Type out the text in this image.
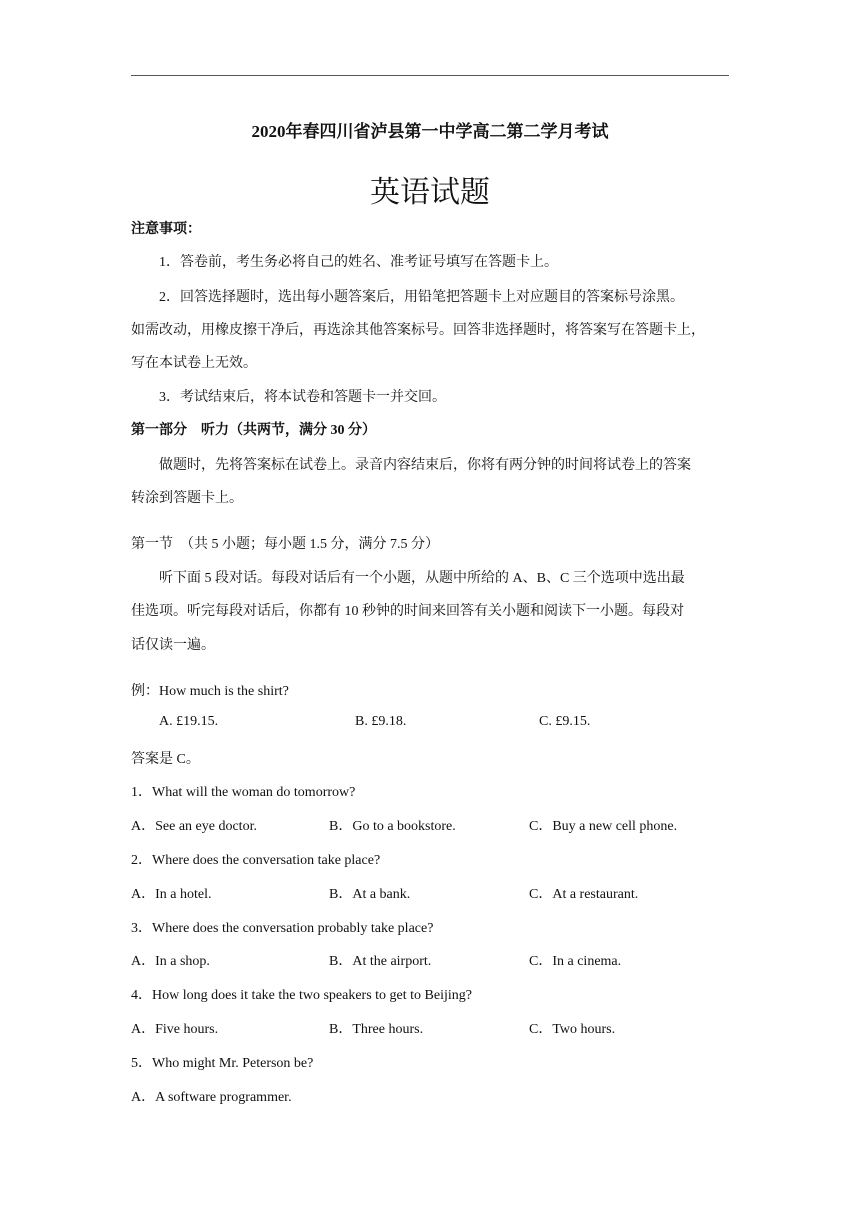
2020年春四川省泸县第一中学高二第二学月考试
英语试题
注意事项：
1．答卷前，考生务必将自己的姓名、准考证号填写在答题卡上。
2．回答选择题时，选出每小题答案后，用铅笔把答题卡上对应题目的答案标号涂黑。
如需改动，用橡皮擦干净后，再选涂其他答案标号。回答非选择题时，将答案写在答题卡上，
写在本试卷上无效。
3．考试结束后，将本试卷和答题卡一并交回。
第一部分　听力（共两节，满分 30 分）
做题时，先将答案标在试卷上。录音内容结束后，你将有两分钟的时间将试卷上的答案
转涂到答题卡上。
第一节　（共 5 小题；每小题 1.5 分，满分 7.5 分）
听下面 5 段对话。每段对话后有一个小题，从题中所给的 A、B、C 三个选项中选出最
佳选项。听完每段对话后，你都有 10 秒钟的时间来回答有关小题和阅读下一小题。每段对
话仅读一遍。
例：How much is the shirt?
A. £19.15.	B. £9.18.	C. £9.15.
答案是 C。
1．What will the woman do tomorrow?
A．See an eye doctor.	B．Go to a bookstore.	C．Buy a new cell phone.
2．Where does the conversation take place?
A．In a hotel.	B．At a bank.	C．At a restaurant.
3．Where does the conversation probably take place?
A．In a shop.	B．At the airport.	C．In a cinema.
4．How long does it take the two speakers to get to Beijing?
A．Five hours.	B．Three hours.	C．Two hours.
5．Who might Mr. Peterson be?
A．A software programmer.
